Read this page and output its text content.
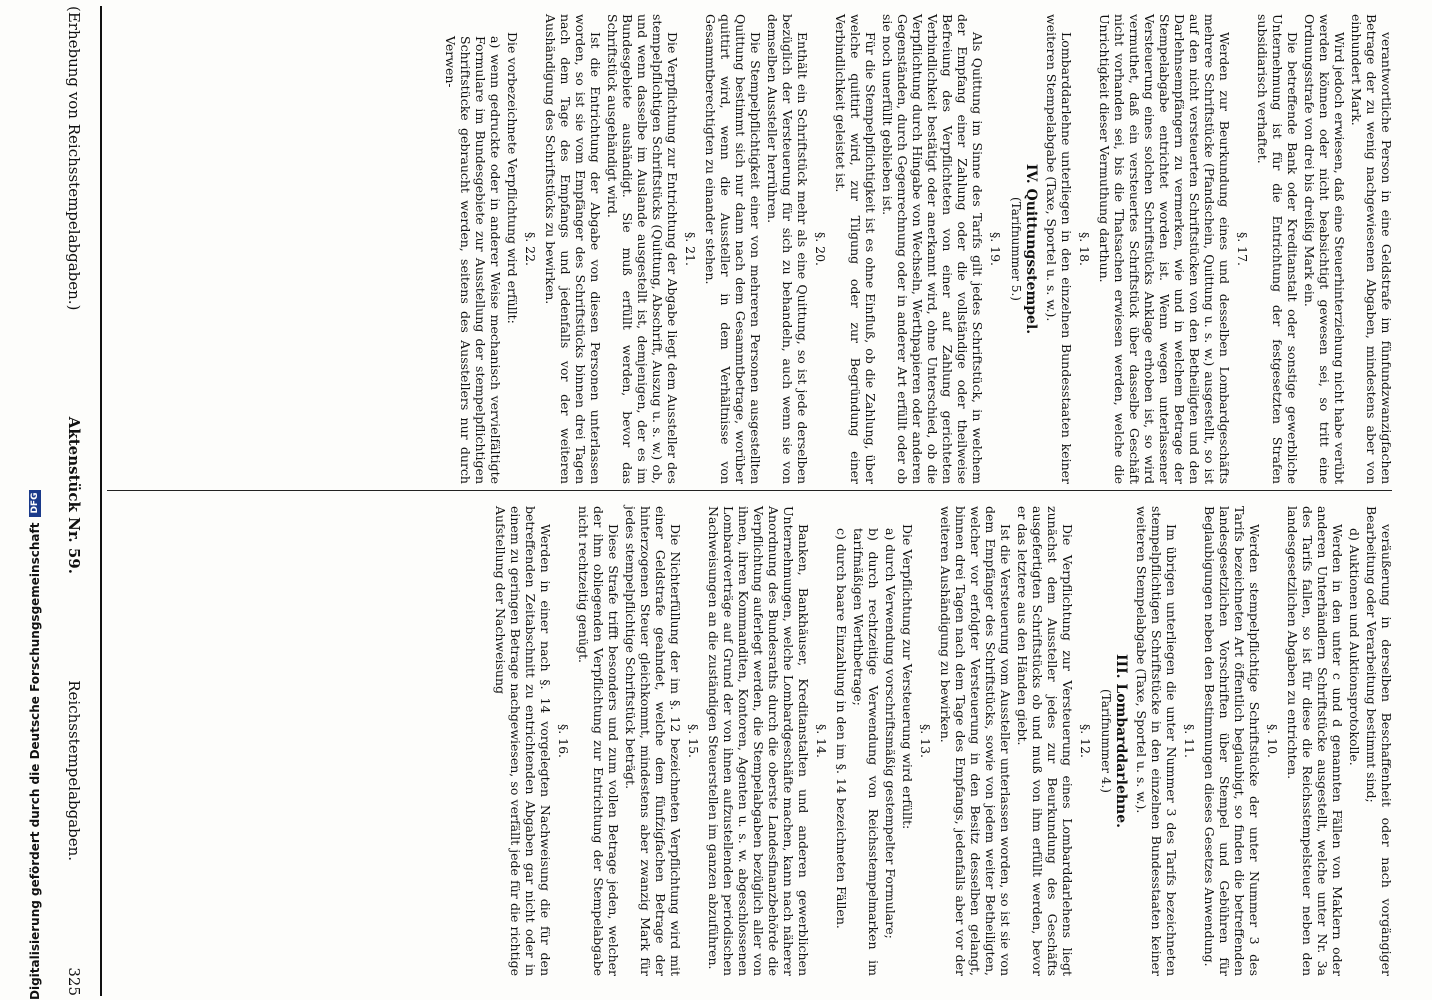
(Erhebung von Reichsstempelabgaben.)
Aktenstück Nr. 59.
Reichsstempelabgaben.
325

verantwortliche Person in eine Geldstrafe im fünfundzwanzigfachen Betrage der zu wenig nachgewiesenen Abgaben, mindestens aber von einhundert Mark.

Wird jedoch erwiesen, daß eine Steuerhinterziehung nicht habe verübt werden können oder nicht beabsichtigt gewesen sei, so tritt eine Ordnungsstrafe von drei bis dreißig Mark ein.

Die betreffende Bank oder Kreditanstalt oder sonstige gewerbliche Unternehmung ist für die Entrichtung der festgesetzten Strafen subsidiarisch verhaftet.

§. 17.

Werden zur Beurkundung eines und desselben Lombardgeschäfts mehrere Schriftstücke (Pfandschein, Quittung u. s. w.) ausgestellt, so ist auf den nicht versteuerten Schriftstücken von den Betheiligten und den Darlehnsempfängern zu vermerken, wie und in welchem Betrage der Stempelabgabe entrichtet worden ist. Wenn wegen unterlassener Versteuerung eines solchen Schriftstücks Anklage erhoben ist, so wird vermuthet, daß ein versteuertes Schriftstück über dasselbe Geschäft nicht vorhanden sei, bis die Thatsachen erwiesen werden, welche die Unrichtigkeit dieser Vermuthung darthun.

§. 18.

Lombarddarlehne unterliegen in den einzelnen Bundesstaaten keiner weiteren Stempelabgabe (Taxe, Sportel u. s. w.).

IV. Quittungsstempel.

(Tarifnummer 5.)

§. 19.

Als Quittung im Sinne des Tarifs gilt jedes Schriftstück, in welchem der Empfang einer Zahlung oder die vollständige oder theilweise Befreiung des Verpflichteten von einer auf Zahlung gerichteten Verbindlichkeit bestätigt oder anerkannt wird, ohne Unterschied, ob die Verpflichtung durch Hingabe von Wechseln, Werthpapieren oder anderen Gegenständen, durch Gegenrechnung oder in anderer Art erfüllt oder ob sie noch unerfüllt geblieben ist.

Für die Stempelpflichtigkeit ist es ohne Einfluß, ob die Zahlung, über welche quittirt wird, zur Tilgung oder zur Begründung einer Verbindlichkeit geleistet ist.

§. 20.

Enthält ein Schriftstück mehr als eine Quittung, so ist jede derselben bezüglich der Versteuerung für sich zu behandeln, auch wenn sie von demselben Aussteller herrühren.

Die Stempelpflichtigkeit einer von mehreren Personen ausgestellten Quittung bestimmt sich nur dann nach dem Gesammtbetrage, worüber quittirt wird, wenn die Aussteller in dem Verhältnisse von Gesammtberechtigten zu einander stehen.

§. 21.

Die Verpflichtung zur Entrichtung der Abgabe liegt dem Aussteller des stempelpflichtigen Schriftstücks (Quittung, Abschrift, Auszug u. s. w.) ob, und wenn dasselbe im Auslande ausgestellt ist, demjenigen, der es im Bundesgebiete aushändigt. Sie muß erfüllt werden, bevor das Schriftstück ausgehändigt wird.

Ist die Entrichtung der Abgabe von diesen Personen unterlassen worden, so ist sie vom Empfänger des Schriftstücks binnen drei Tagen nach dem Tage des Empfangs und jedenfalls vor der weiteren Aushändigung des Schriftstücks zu bewirken.

§. 22.

Die vorbezeichnete Verpflichtung wird erfüllt:

a) wenn gedruckte oder in anderer Weise mechanisch vervielfältigte Formulare im Bundesgebiete zur Ausstellung der stempelpflichtigen Schriftstücke gebraucht werden, seitens des Ausstellers nur durch Verwen-

veräußerung in derselben Beschaffenheit oder nach vorgängiger Bearbeitung oder Verarbeitung bestimmt sind;

d) Auktionen und Auktionsprotokolle.

Werden in den unter c und d genannten Fällen von Maklern oder anderen Unterhändlern Schriftstücke ausgestellt, welche unter Nr. 3a des Tarifs fallen, so ist für diese die Reichsstempelsteuer neben den landesgesetzlichen Abgaben zu entrichten.

§. 10.

Werden stempelpflichtige Schriftstücke der unter Nummer 3 des Tarifs bezeichneten Art öffentlich beglaubigt, so finden die betreffenden landesgesetzlichen Vorschriften über Stempel und Gebühren für Beglaubigungen neben den Bestimmungen dieses Gesetzes Anwendung.

§. 11.

Im übrigen unterliegen die unter Nummer 3 des Tarifs bezeichneten stempelpflichtigen Schriftstücke in den einzelnen Bundesstaaten keiner weiteren Stempelabgabe (Taxe, Sportel u. s. w.).

III. Lombarddarlehne.

(Tarifnummer 4.)

§. 12.

Die Verpflichtung zur Versteuerung eines Lombarddarlehens liegt zunächst dem Aussteller jedes zur Beurkundung des Geschäfts ausgefertigten Schriftstücks ob und muß von ihm erfüllt werden, bevor er das letztere aus den Händen giebt.

Ist die Versteuerung vom Aussteller unterlassen worden, so ist sie von dem Empfänger des Schriftstücks, sowie von jedem weiter Betheiligten, welcher vor erfolgter Versteuerung in den Besitz desselben gelangt, binnen drei Tagen nach dem Tage des Empfangs, jedenfalls aber vor der weiteren Aushändigung zu bewirken.

§. 13.

Die Verpflichtung zur Versteuerung wird erfüllt:

a) durch Verwendung vorschriftsmäßig gestempelter Formulare;

b) durch rechtzeitige Verwendung von Reichsstempelmarken im tarifmäßigen Werthbetrage;

c) durch baare Einzahlung in den im §. 14 bezeichneten Fällen.

§. 14.

Banken, Bankhäuser, Kreditanstalten und anderen gewerblichen Unternehmungen, welche Lombardgeschäfte machen, kann nach näherer Anordnung des Bundesraths durch die oberste Landesfinanzbehörde die Verpflichtung auferlegt werden, die Stempelabgaben bezüglich aller von ihnen, ihren Kommanditen, Kontoren, Agenten u. s. w. abgeschlossenen Lombardverträge auf Grund der von ihnen aufzustellenden periodischen Nachweisungen an die zuständigen Steuerstellen im ganzen abzuführen.

§. 15.

Die Nichterfüllung der im §. 12 bezeichneten Verpflichtung wird mit einer Geldstrafe geahndet, welche dem fünfzigfachen Betrage der hinterzogenen Steuer gleichkommt, mindestens aber zwanzig Mark für jedes stempelpflichtige Schriftstück beträgt.

Diese Strafe trifft besonders und zum vollen Betrage jeden, welcher der ihm obliegenden Verpflichtung zur Entrichtung der Stempelabgabe nicht rechtzeitig genügt.

§. 16.

Werden in einer nach §. 14 vorgelegten Nachweisung die für den betreffenden Zeitabschnitt zu entrichtenden Abgaben gar nicht oder in einem zu geringen Betrage nachgewiesen, so verfällt jede für die richtige Aufstellung der Nachweisung

Digitalisierung gefördert durch die Deutsche Forschungsgemeinschaft
DFG
